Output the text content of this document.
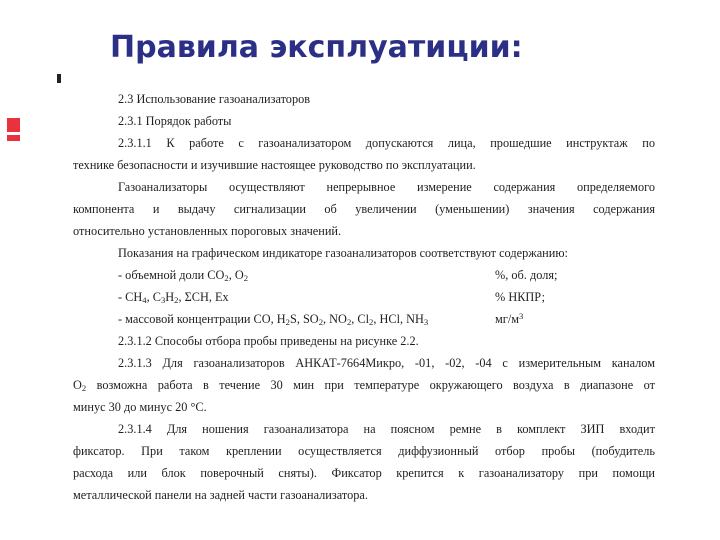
Правила эксплуатиции:

2.3 Использование газоанализаторов

2.3.1 Порядок работы

2.3.1.1 К работе с газоанализатором допускаются лица, прошедшие инструктаж по

технике безопасности и изучившие настоящее руководство по эксплуатации.

Газоанализаторы осуществляют непрерывное измерение содержания определяемого

компонента и выдачу сигнализации об увеличении (уменьшении) значения содержания

относительно установленных пороговых значений.

Показания на графическом индикаторе газоанализаторов соответствуют содержанию:

- объемной доли $CO_2$, $O_2$	%, об. доля;
- $CH_4$, $C_3H_2$, ΣCH, Ex	% НКПР;
- массовой концентрации CO, $H_2S$, $SO_2$, $NO_2$, $Cl_2$, HCl, $NH_3$	$мг/м^3$

2.3.1.2 Способы отбора пробы приведены на рисунке 2.2.

2.3.1.3 Для газоанализаторов АНКАТ-7664Микро, -01, -02, -04 с измерительным каналом

$O_2$ возможна работа в течение 30 мин при температуре окружающего воздуха в диапазоне от

минус 30 до минус 20 °C.

2.3.1.4 Для ношения газоанализатора на поясном ремне в комплект ЗИП входит

фиксатор. При таком креплении осуществляется диффузионный отбор пробы (побудитель

расхода или блок поверочный сняты). Фиксатор крепится к газоанализатору при помощи

металлической панели на задней части газоанализатора.
